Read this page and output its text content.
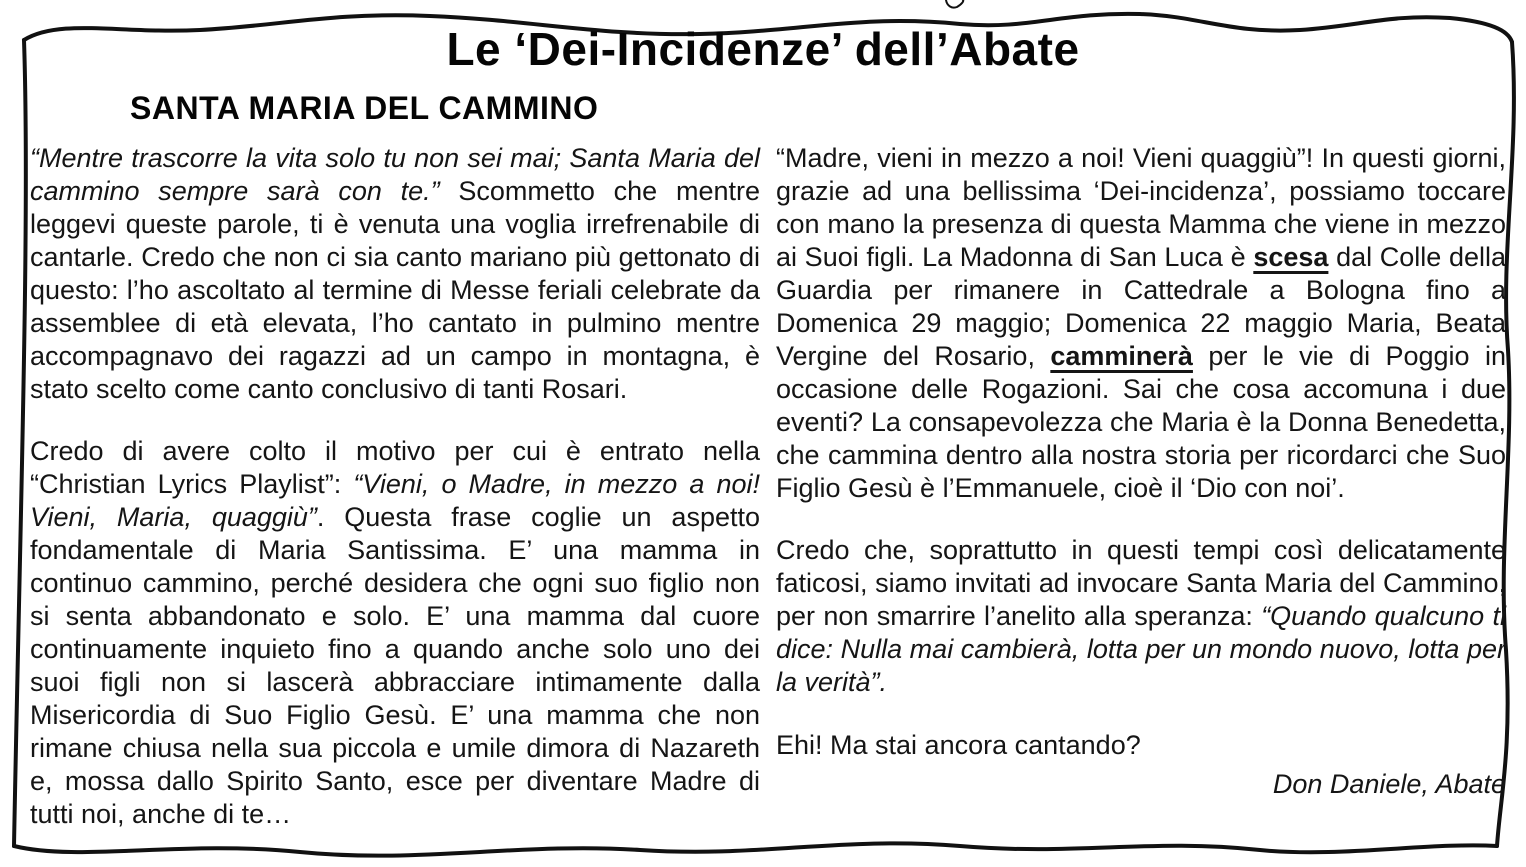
Le ‘Dei-Incidenze’ dell’Abate
SANTA MARIA DEL CAMMINO

“Mentre trascorre la vita solo tu non sei mai; Santa Maria del cammino sempre sarà con te.” Scommetto che mentre leggevi queste parole, ti è venuta una voglia irrefrenabile di cantarle. Credo che non ci sia canto mariano più gettonato di questo: l’ho ascoltato al termine di Messe feriali celebrate da assemblee di età elevata, l’ho cantato in pulmino mentre accompagnavo dei ragazzi ad un campo in montagna, è stato scelto come canto conclusivo di tanti Rosari.

Credo di avere colto il motivo per cui è entrato nella “Christian Lyrics Playlist”: “Vieni, o Madre, in mezzo a noi! Vieni, Maria, quaggiù”. Questa frase coglie un aspetto fondamentale di Maria Santissima. E’ una mamma in continuo cammino, perché desidera che ogni suo figlio non si senta abbandonato e solo. E’ una mamma dal cuore continuamente inquieto fino a quando anche solo uno dei suoi figli non si lascerà abbracciare intimamente dalla Misericordia di Suo Figlio Gesù. E’ una mamma che non rimane chiusa nella sua piccola e umile dimora di Nazareth e, mossa dallo Spirito Santo, esce per diventare Madre di tutti noi, anche di te…

“Madre, vieni in mezzo a noi! Vieni quaggiù”! In questi giorni, grazie ad una bellissima ‘Dei-incidenza’, possiamo toccare con mano la presenza di questa Mamma che viene in mezzo ai Suoi figli. La Madonna di San Luca è scesa dal Colle della Guardia per rimanere in Cattedrale a Bologna fino a Domenica 29 maggio; Domenica 22 maggio Maria, Beata Vergine del Rosario, camminerà per le vie di Poggio in occasione delle Rogazioni. Sai che cosa accomuna i due eventi? La consapevolezza che Maria è la Donna Benedetta, che cammina dentro alla nostra storia per ricordarci che Suo Figlio Gesù è l’Emmanuele, cioè il ‘Dio con noi’.

Credo che, soprattutto in questi tempi così delicatamente faticosi, siamo invitati ad invocare Santa Maria del Cammino, per non smarrire l’anelito alla speranza: “Quando qualcuno ti dice: Nulla mai cambierà, lotta per un mondo nuovo, lotta per la verità”.

Ehi! Ma stai ancora cantando?

Don Daniele, Abate
